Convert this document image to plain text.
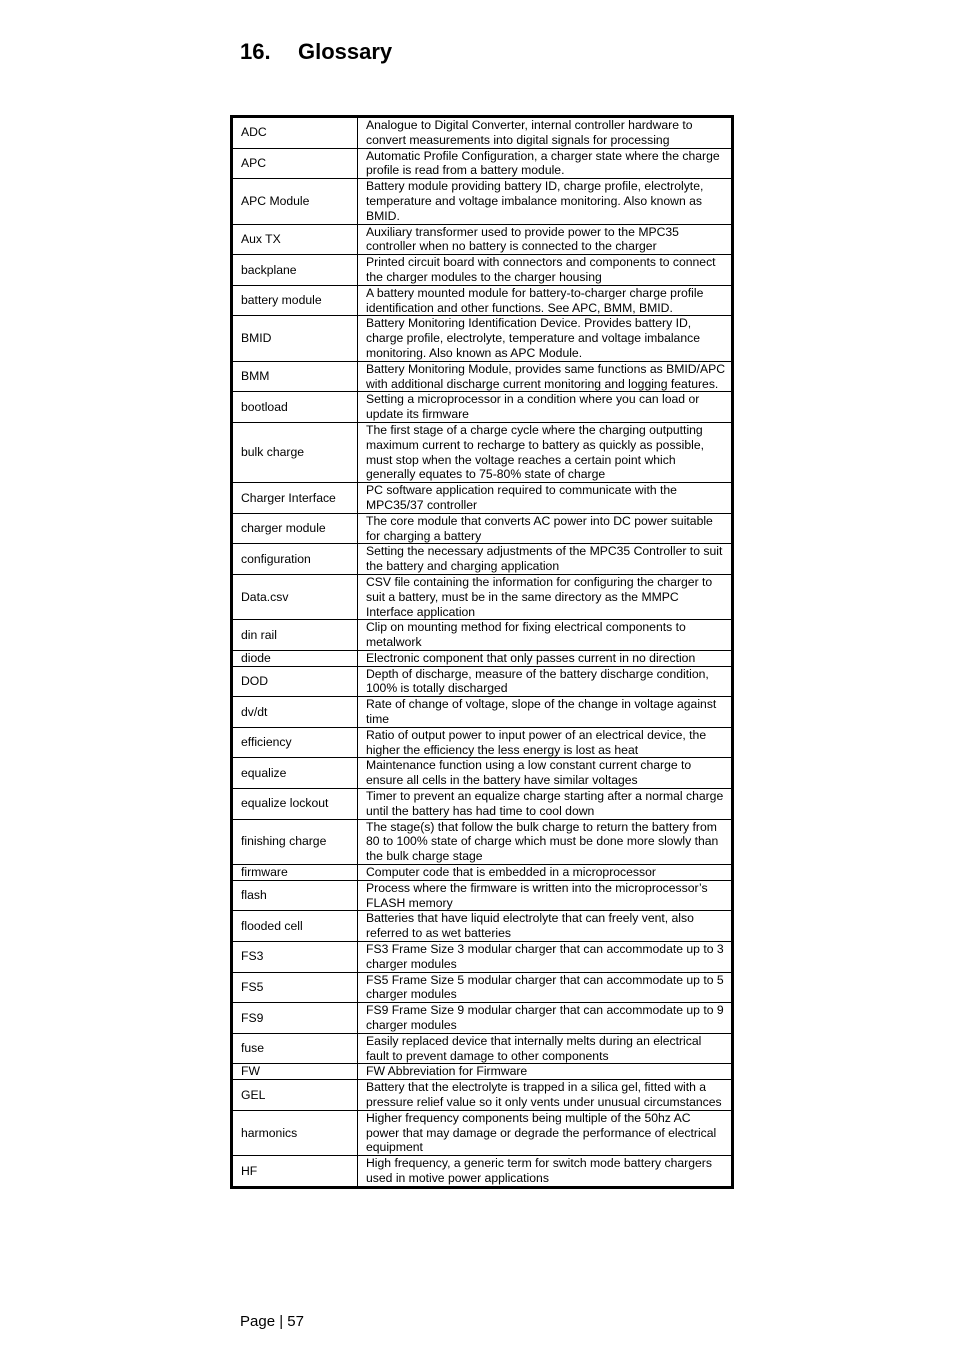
16. Glossary
ADC	Analogue to Digital Converter, internal controller hardware to convert measurements into digital signals for processing
APC	Automatic Profile Configuration, a charger state where the charge profile is read from a battery module.
APC Module	Battery module providing battery ID, charge profile, electrolyte, temperature and voltage imbalance monitoring. Also known as BMID.
Aux TX	Auxiliary transformer used to provide power to the MPC35 controller when no battery is connected to the charger
backplane	Printed circuit board with connectors and components to connect the charger modules to the charger housing
battery module	A battery mounted module for battery-to-charger charge profile identification and other functions. See APC, BMM, BMID.
BMID	Battery Monitoring Identification Device. Provides battery ID, charge profile, electrolyte, temperature and voltage imbalance monitoring. Also known as APC Module.
BMM	Battery Monitoring Module, provides same functions as BMID/APC with additional discharge current monitoring and logging features.
bootload	Setting a microprocessor in a condition where you can load or update its firmware
bulk charge	The first stage of a charge cycle where the charging outputting maximum current to recharge to battery as quickly as possible, must stop when the voltage reaches a certain point which generally equates to 75-80% state of charge
Charger Interface	PC software application required to communicate with the MPC35/37 controller
charger module	The core module that converts AC power into DC power suitable for charging a battery
configuration	Setting the necessary adjustments of the MPC35 Controller to suit the battery and charging application
Data.csv	CSV file containing the information for configuring the charger to suit a battery, must be in the same directory as the MMPC Interface application
din rail	Clip on mounting method for fixing electrical components to metalwork
diode	Electronic component that only passes current in no direction
DOD	Depth of discharge, measure of the battery discharge condition, 100% is totally discharged
dv/dt	Rate of change of voltage, slope of the change in voltage against time
efficiency	Ratio of output power to input power of an electrical device, the higher the efficiency the less energy is lost as heat
equalize	Maintenance function using a low constant current charge to ensure all cells in the battery have similar voltages
equalize lockout	Timer to prevent an equalize charge starting after a normal charge until the battery has had time to cool down
finishing charge	The stage(s) that follow the bulk charge to return the battery from 80 to 100% state of charge which must be done more slowly than the bulk charge stage
firmware	Computer code that is embedded in a microprocessor
flash	Process where the firmware is written into the microprocessor’s FLASH memory
flooded cell	Batteries that have liquid electrolyte that can freely vent, also referred to as wet batteries
FS3	FS3 Frame Size 3 modular charger that can accommodate up to 3 charger modules
FS5	FS5 Frame Size 5 modular charger that can accommodate up to 5 charger modules
FS9	FS9 Frame Size 9 modular charger that can accommodate up to 9 charger modules
fuse	Easily replaced device that internally melts during an electrical fault to prevent damage to other components
FW	FW Abbreviation for Firmware
GEL	Battery that the electrolyte is trapped in a silica gel, fitted with a pressure relief value so it only vents under unusual circumstances
harmonics	Higher frequency components being multiple of the 50hz AC power that may damage or degrade the performance of electrical equipment
HF	High frequency, a generic term for switch mode battery chargers used in motive power applications
Page | 57
